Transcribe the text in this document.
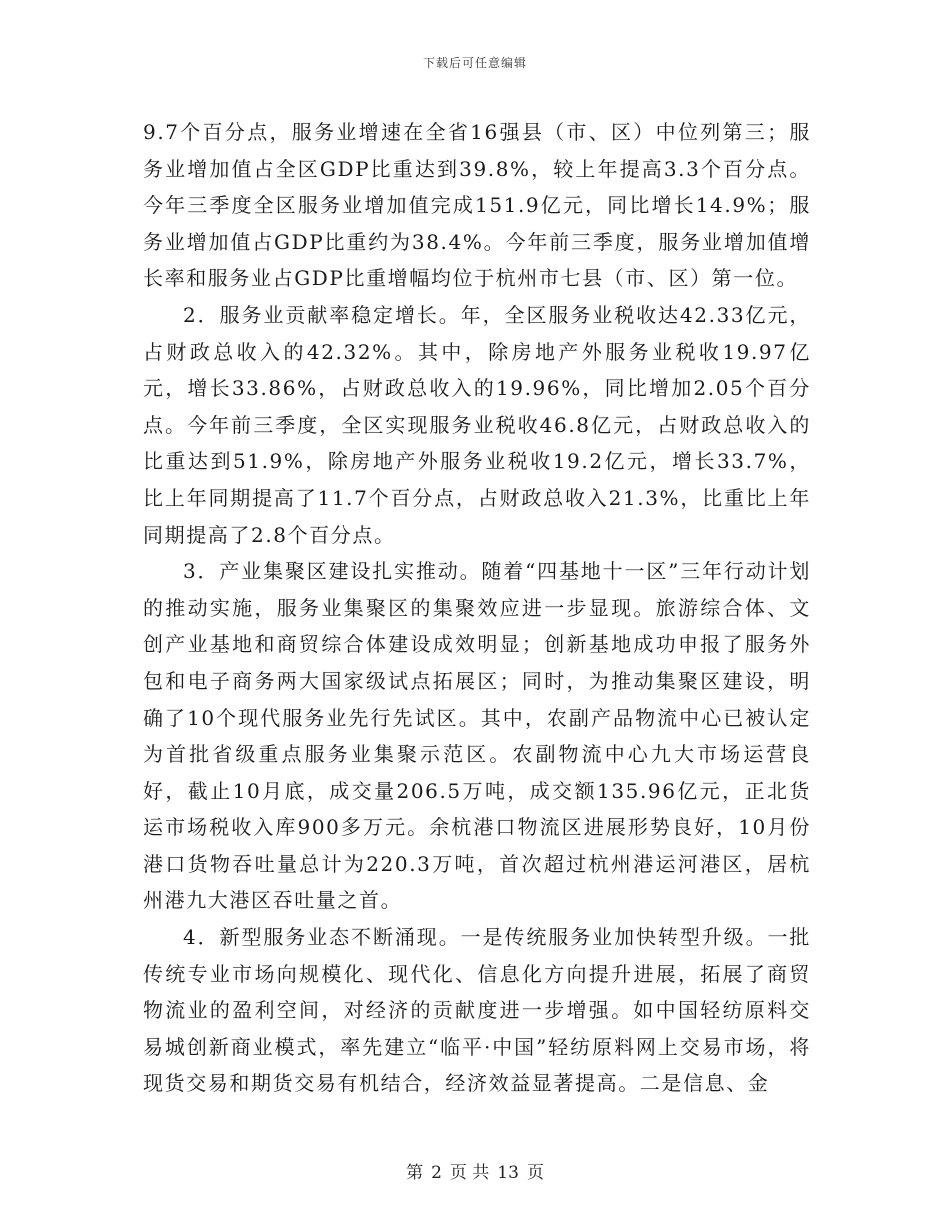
下载后可任意编辑

9.7个百分点，服务业增速在全省16强县（市、区）中位列第三；服务业增加值占全区GDP比重达到39.8%，较上年提高3.3个百分点。今年三季度全区服务业增加值完成151.9亿元，同比增长14.9%；服务业增加值占GDP比重约为38.4%。今年前三季度，服务业增加值增长率和服务业占GDP比重增幅均位于杭州市七县（市、区）第一位。

2．服务业贡献率稳定增长。年，全区服务业税收达42.33亿元，占财政总收入的42.32%。其中，除房地产外服务业税收19.97亿元，增长33.86%，占财政总收入的19.96%，同比增加2.05个百分点。今年前三季度，全区实现服务业税收46.8亿元，占财政总收入的比重达到51.9%，除房地产外服务业税收19.2亿元，增长33.7%，比上年同期提高了11.7个百分点，占财政总收入21.3%，比重比上年同期提高了2.8个百分点。

3．产业集聚区建设扎实推动。随着“四基地十一区”三年行动计划的推动实施，服务业集聚区的集聚效应进一步显现。旅游综合体、文创产业基地和商贸综合体建设成效明显；创新基地成功申报了服务外包和电子商务两大国家级试点拓展区；同时，为推动集聚区建设，明确了10个现代服务业先行先试区。其中，农副产品物流中心已被认定为首批省级重点服务业集聚示范区。农副物流中心九大市场运营良好，截止10月底，成交量206.5万吨，成交额135.96亿元，正北货运市场税收入库900多万元。余杭港口物流区进展形势良好，10月份港口货物吞吐量总计为220.3万吨，首次超过杭州港运河港区，居杭州港九大港区吞吐量之首。

4．新型服务业态不断涌现。一是传统服务业加快转型升级。一批传统专业市场向规模化、现代化、信息化方向提升进展，拓展了商贸物流业的盈利空间，对经济的贡献度进一步增强。如中国轻纺原料交易城创新商业模式，率先建立“临平·中国”轻纺原料网上交易市场，将现货交易和期货交易有机结合，经济效益显著提高。二是信息、金

第 2 页 共 13 页
